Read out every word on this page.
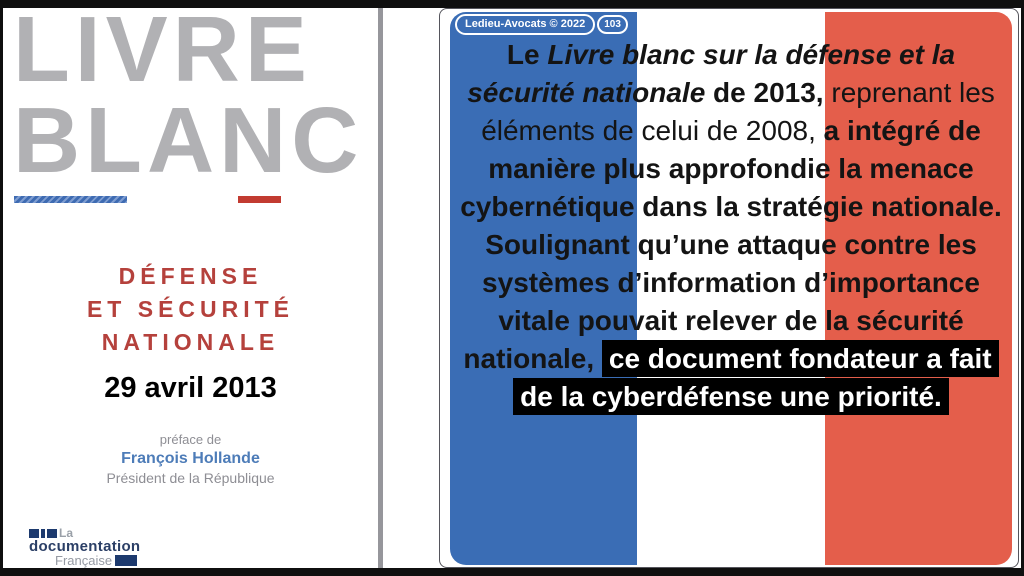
LIVRE
BLANC
DÉFENSE
ET SÉCURITÉ
NATIONALE
29 avril 2013
préface de
François Hollande
Président de la République
La
documentation
Française
Ledieu-Avocats © 2022	103
Le Livre blanc sur la défense et la sécurité nationale de 2013, reprenant les éléments de celui de 2008, a intégré de manière plus approfondie la menace cybernétique dans la stratégie nationale. Soulignant qu’une attaque contre les systèmes d’information d’importance vitale pouvait relever de la sécurité nationale, ce document fondateur a fait de la cyberdéfense une priorité.
